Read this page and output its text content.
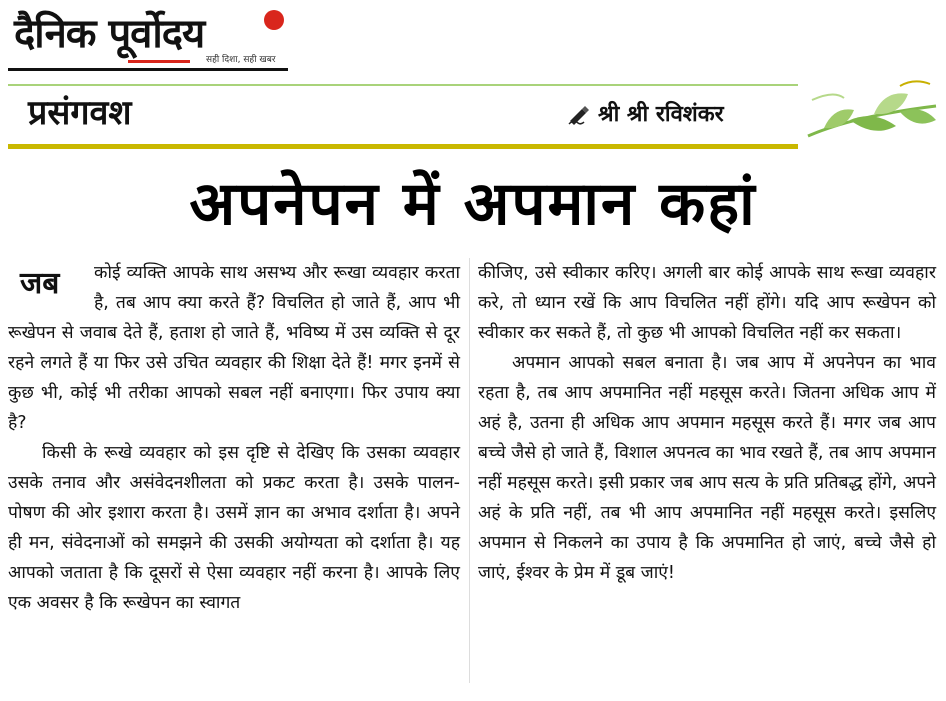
दैनिक पूर्वोदय
सही दिशा, सही खबर
प्रसंगवश	श्री श्री रविशंकर
अपनेपन में अपमान कहां
जब	कोई व्यक्ति आपके साथ असभ्य और रूखा व्यवहार करता है, तब आप क्या करते हैं? विचलित हो जाते हैं, आप भी रूखेपन से जवाब देते हैं, हताश हो जाते हैं, भविष्य में उस व्यक्ति से दूर रहने लगते हैं या फिर उसे उचित व्यवहार की शिक्षा देते हैं! मगर इनमें से कुछ भी, कोई भी तरीका आपको सबल नहीं बनाएगा। फिर उपाय क्या है?

किसी के रूखे व्यवहार को इस दृष्टि से देखिए कि उसका व्यवहार उसके तनाव और असंवेदनशीलता को प्रकट करता है। उसके पालन-पोषण की ओर इशारा करता है। उसमें ज्ञान का अभाव दर्शाता है। अपने ही मन, संवेदनाओं को समझने की उसकी अयोग्यता को दर्शाता है। यह आपको जताता है कि दूसरों से ऐसा व्यवहार नहीं करना है। आपके लिए एक अवसर है कि रूखेपन का स्वागत

कीजिए, उसे स्वीकार करिए। अगली बार कोई आपके साथ रूखा व्यवहार करे, तो ध्यान रखें कि आप विचलित नहीं होंगे। यदि आप रूखेपन को स्वीकार कर सकते हैं, तो कुछ भी आपको विचलित नहीं कर सकता।

अपमान आपको सबल बनाता है। जब आप में अपनेपन का भाव रहता है, तब आप अपमानित नहीं महसूस करते। जितना अधिक आप में अहं है, उतना ही अधिक आप अपमान महसूस करते हैं। मगर जब आप बच्चे जैसे हो जाते हैं, विशाल अपनत्व का भाव रखते हैं, तब आप अपमान नहीं महसूस करते। इसी प्रकार जब आप सत्य के प्रति प्रतिबद्ध होंगे, अपने अहं के प्रति नहीं, तब भी आप अपमानित नहीं महसूस करते। इसलिए अपमान से निकलने का उपाय है कि अपमानित हो जाएं, बच्चे जैसे हो जाएं, ईश्वर के प्रेम में डूब जाएं!
